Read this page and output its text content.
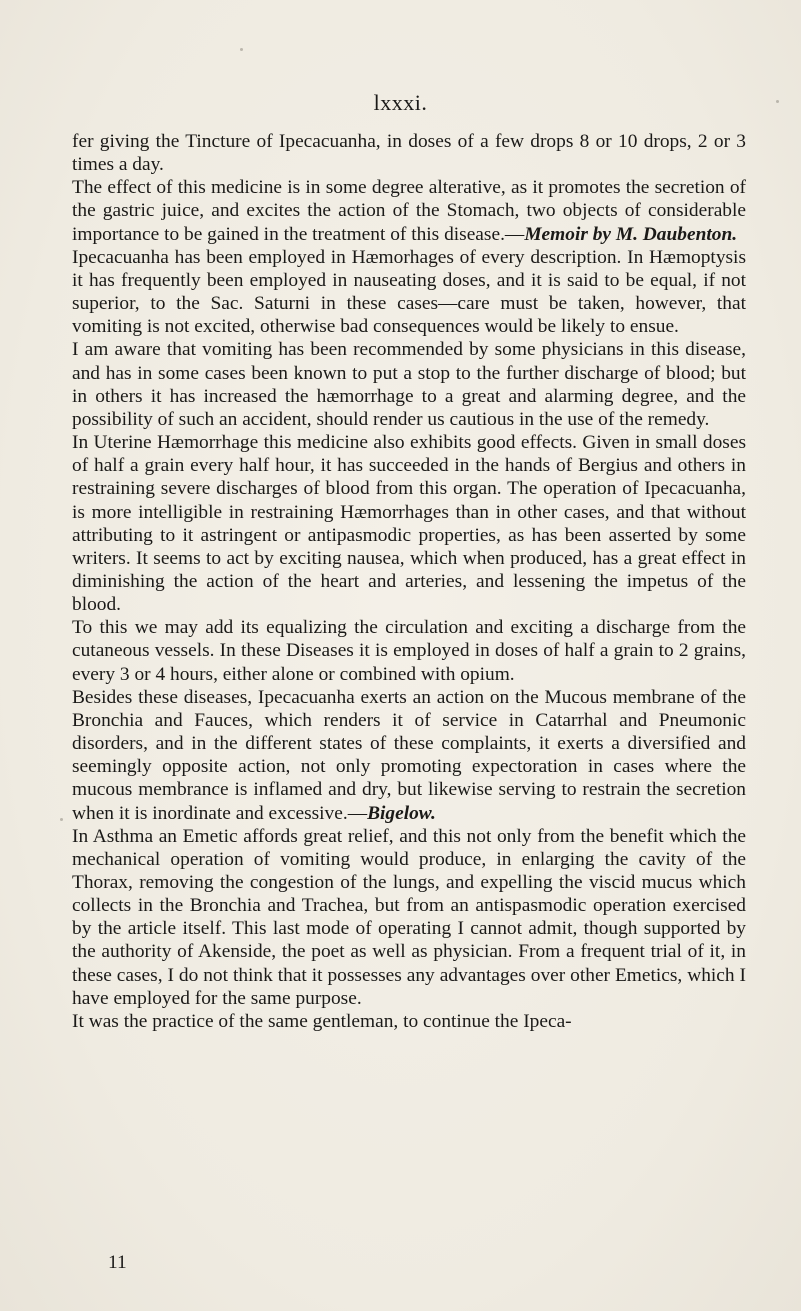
lxxxi.

fer giving the Tincture of Ipecacuanha, in doses of a few drops 8 or 10 drops, 2 or 3 times a day.

The effect of this medicine is in some degree alterative, as it promotes the secretion of the gastric juice, and excites the action of the Stomach, two objects of considerable importance to be gained in the treatment of this disease.—Memoir by M. Daubenton.

Ipecacuanha has been employed in Hæmorhages of every description. In Hæmoptysis it has frequently been employed in nauseating doses, and it is said to be equal, if not superior, to the Sac. Saturni in these cases—care must be taken, however, that vomiting is not excited, otherwise bad consequences would be likely to ensue.

I am aware that vomiting has been recommended by some physicians in this disease, and has in some cases been known to put a stop to the further discharge of blood; but in others it has increased the hæmorrhage to a great and alarming degree, and the possibility of such an accident, should render us cautious in the use of the remedy.

In Uterine Hæmorrhage this medicine also exhibits good effects. Given in small doses of half a grain every half hour, it has succeeded in the hands of Bergius and others in restraining severe discharges of blood from this organ. The operation of Ipecacuanha, is more intelligible in restraining Hæmorrhages than in other cases, and that without attributing to it astringent or antipasmodic properties, as has been asserted by some writers. It seems to act by exciting nausea, which when produced, has a great effect in diminishing the action of the heart and arteries, and lessening the impetus of the blood.

To this we may add its equalizing the circulation and exciting a discharge from the cutaneous vessels. In these Diseases it is employed in doses of half a grain to 2 grains, every 3 or 4 hours, either alone or combined with opium.

Besides these diseases, Ipecacuanha exerts an action on the Mucous membrane of the Bronchia and Fauces, which renders it of service in Catarrhal and Pneumonic disorders, and in the different states of these complaints, it exerts a diversified and seemingly opposite action, not only promoting expectoration in cases where the mucous membrance is inflamed and dry, but likewise serving to restrain the secretion when it is inordinate and excessive.—Bigelow.

In Asthma an Emetic affords great relief, and this not only from the benefit which the mechanical operation of vomiting would produce, in enlarging the cavity of the Thorax, removing the congestion of the lungs, and expelling the viscid mucus which collects in the Bronchia and Trachea, but from an antispasmodic operation exercised by the article itself. This last mode of operating I cannot admit, though supported by the authority of Akenside, the poet as well as physician. From a frequent trial of it, in these cases, I do not think that it possesses any advantages over other Emetics, which I have employed for the same purpose.

It was the practice of the same gentleman, to continue the Ipeca-

11
